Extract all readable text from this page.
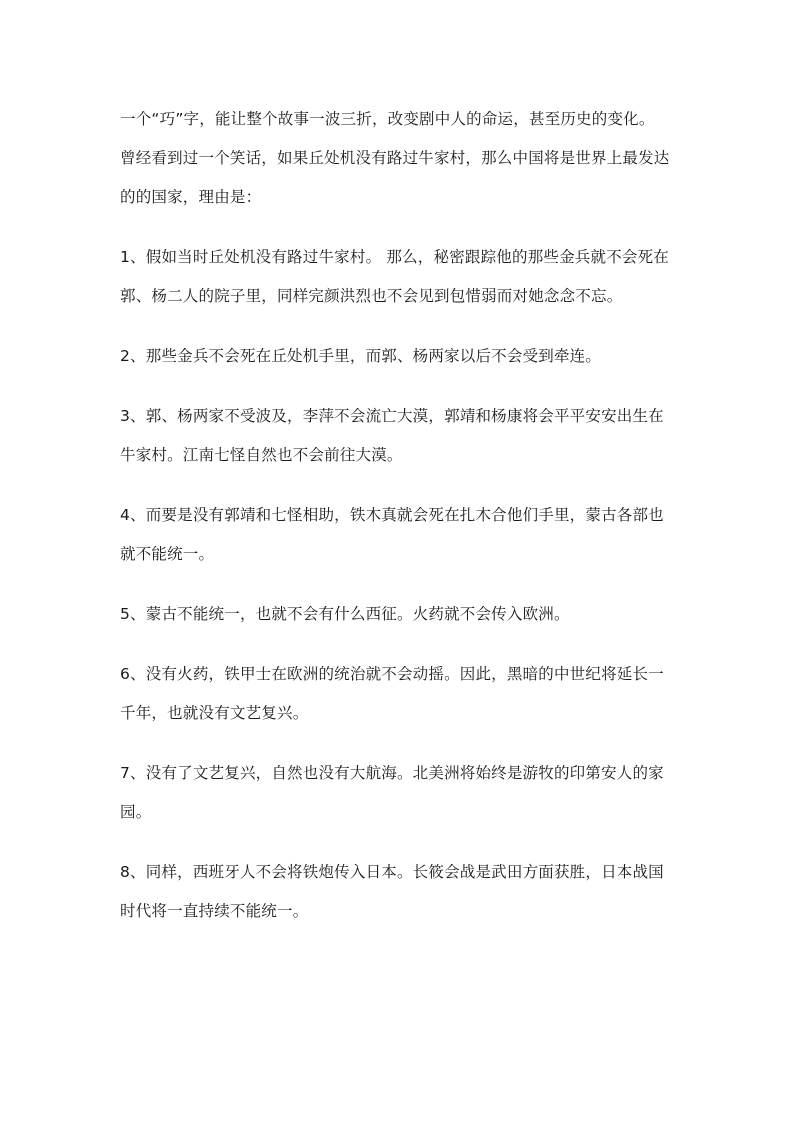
一个“巧”字，能让整个故事一波三折，改变剧中人的命运，甚至历史的变化。
曾经看到过一个笑话，如果丘处机没有路过牛家村，那么中国将是世界上最发达
的的国家，理由是：

1、假如当时丘处机没有路过牛家村。 那么，秘密跟踪他的那些金兵就不会死在
郭、杨二人的院子里，同样完颜洪烈也不会见到包惜弱而对她念念不忘。

2、那些金兵不会死在丘处机手里，而郭、杨两家以后不会受到牵连。

3、郭、杨两家不受波及，李萍不会流亡大漠，郭靖和杨康将会平平安安出生在
牛家村。江南七怪自然也不会前往大漠。

4、而要是没有郭靖和七怪相助，铁木真就会死在扎木合他们手里，蒙古各部也
就不能统一。

5、蒙古不能统一，也就不会有什么西征。火药就不会传入欧洲。

6、没有火药，铁甲士在欧洲的统治就不会动摇。因此，黑暗的中世纪将延长一
千年，也就没有文艺复兴。

7、没有了文艺复兴，自然也没有大航海。北美洲将始终是游牧的印第安人的家
园。

8、同样，西班牙人不会将铁炮传入日本。长筱会战是武田方面获胜，日本战国
时代将一直持续不能统一。
